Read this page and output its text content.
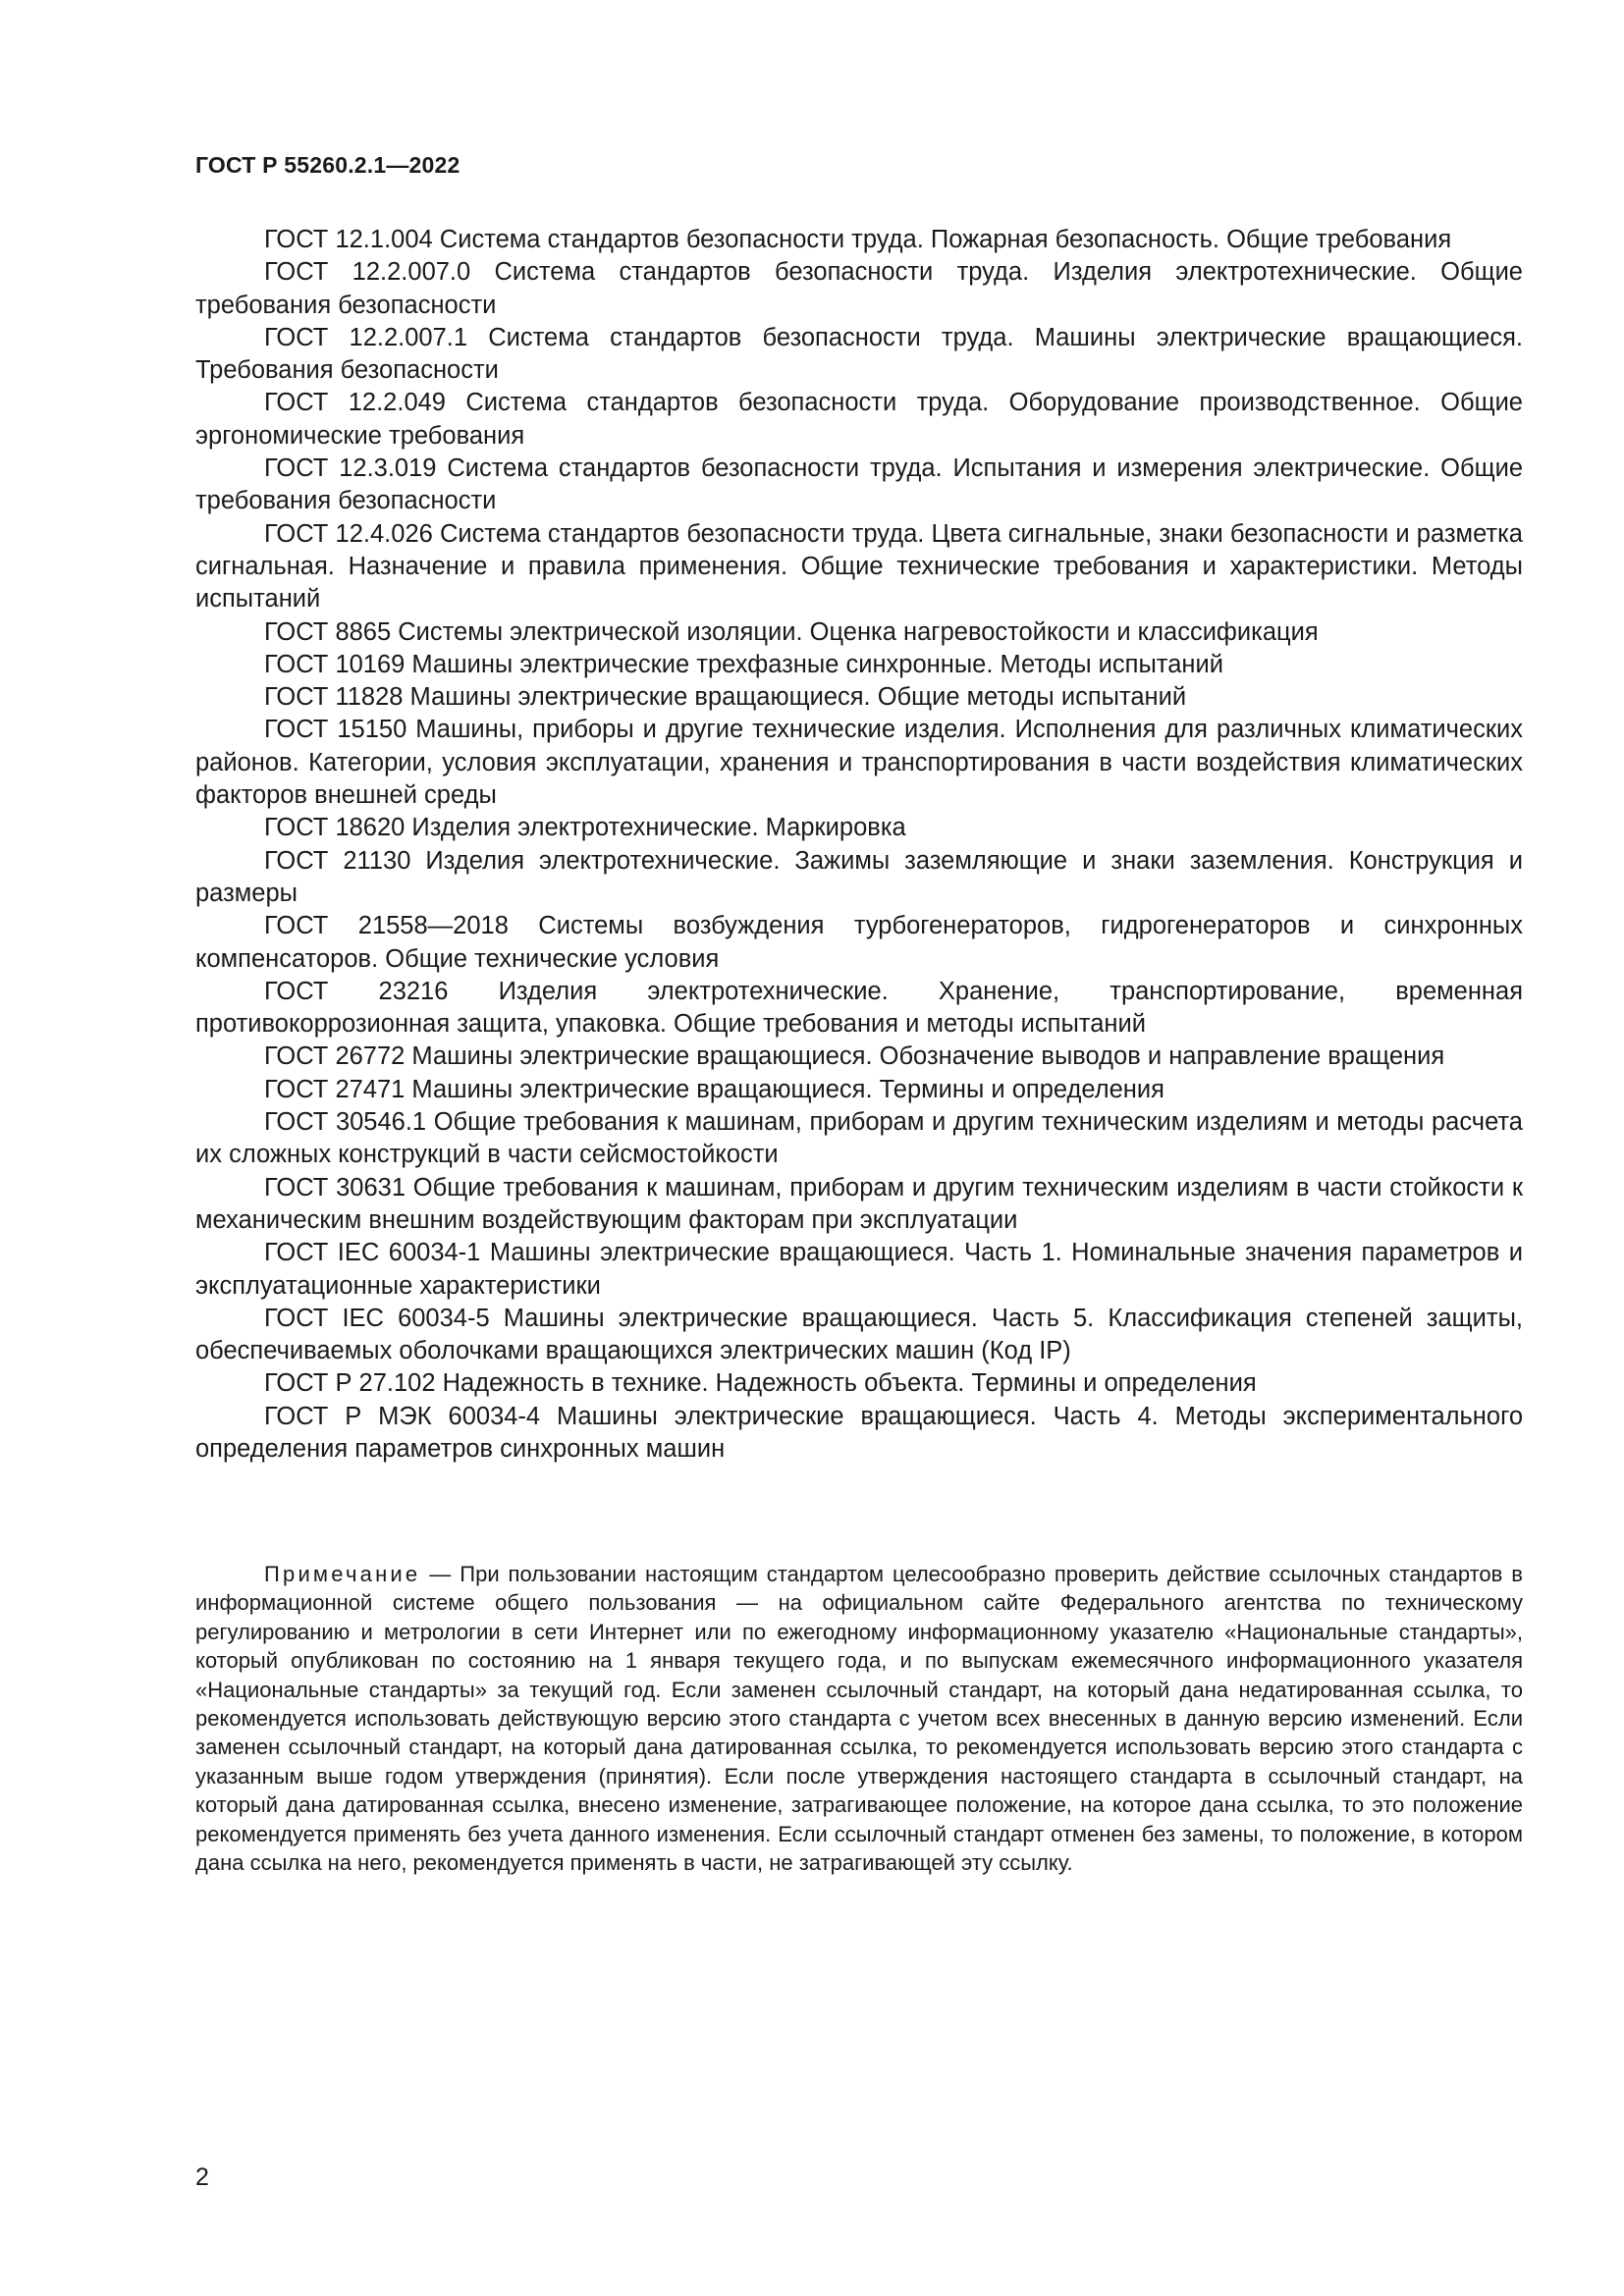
ГОСТ Р 55260.2.1—2022
ГОСТ 12.1.004 Система стандартов безопасности труда. Пожарная безопасность. Общие требования
ГОСТ 12.2.007.0 Система стандартов безопасности труда. Изделия электротехнические. Общие требования безопасности
ГОСТ 12.2.007.1 Система стандартов безопасности труда. Машины электрические вращающиеся. Требования безопасности
ГОСТ 12.2.049 Система стандартов безопасности труда. Оборудование производственное. Общие эргономические требования
ГОСТ 12.3.019 Система стандартов безопасности труда. Испытания и измерения электрические. Общие требования безопасности
ГОСТ 12.4.026 Система стандартов безопасности труда. Цвета сигнальные, знаки безопасности и разметка сигнальная. Назначение и правила применения. Общие технические требования и характеристики. Методы испытаний
ГОСТ 8865 Системы электрической изоляции. Оценка нагревостойкости и классификация
ГОСТ 10169 Машины электрические трехфазные синхронные. Методы испытаний
ГОСТ 11828 Машины электрические вращающиеся. Общие методы испытаний
ГОСТ 15150 Машины, приборы и другие технические изделия. Исполнения для различных климатических районов. Категории, условия эксплуатации, хранения и транспортирования в части воздействия климатических факторов внешней среды
ГОСТ 18620 Изделия электротехнические. Маркировка
ГОСТ 21130 Изделия электротехнические. Зажимы заземляющие и знаки заземления. Конструкция и размеры
ГОСТ 21558—2018 Системы возбуждения турбогенераторов, гидрогенераторов и синхронных компенсаторов. Общие технические условия
ГОСТ 23216 Изделия электротехнические. Хранение, транспортирование, временная противокоррозионная защита, упаковка. Общие требования и методы испытаний
ГОСТ 26772 Машины электрические вращающиеся. Обозначение выводов и направление вращения
ГОСТ 27471 Машины электрические вращающиеся. Термины и определения
ГОСТ 30546.1 Общие требования к машинам, приборам и другим техническим изделиям и методы расчета их сложных конструкций в части сейсмостойкости
ГОСТ 30631 Общие требования к машинам, приборам и другим техническим изделиям в части стойкости к механическим внешним воздействующим факторам при эксплуатации
ГОСТ IEC 60034-1 Машины электрические вращающиеся. Часть 1. Номинальные значения параметров и эксплуатационные характеристики
ГОСТ IEC 60034-5 Машины электрические вращающиеся. Часть 5. Классификация степеней защиты, обеспечиваемых оболочками вращающихся электрических машин (Код IP)
ГОСТ Р 27.102 Надежность в технике. Надежность объекта. Термины и определения
ГОСТ Р МЭК 60034-4 Машины электрические вращающиеся. Часть 4. Методы экспериментального определения параметров синхронных машин

Примечание — При пользовании настоящим стандартом целесообразно проверить действие ссылочных стандартов в информационной системе общего пользования — на официальном сайте Федерального агентства по техническому регулированию и метрологии в сети Интернет или по ежегодному информационному указателю «Национальные стандарты», который опубликован по состоянию на 1 января текущего года, и по выпускам ежемесячного информационного указателя «Национальные стандарты» за текущий год. Если заменен ссылочный стандарт, на который дана недатированная ссылка, то рекомендуется использовать действующую версию этого стандарта с учетом всех внесенных в данную версию изменений. Если заменен ссылочный стандарт, на который дана датированная ссылка, то рекомендуется использовать версию этого стандарта с указанным выше годом утверждения (принятия). Если после утверждения настоящего стандарта в ссылочный стандарт, на который дана датированная ссылка, внесено изменение, затрагивающее положение, на которое дана ссылка, то это положение рекомендуется применять без учета данного изменения. Если ссылочный стандарт отменен без замены, то положение, в котором дана ссылка на него, рекомендуется применять в части, не затрагивающей эту ссылку.

2
